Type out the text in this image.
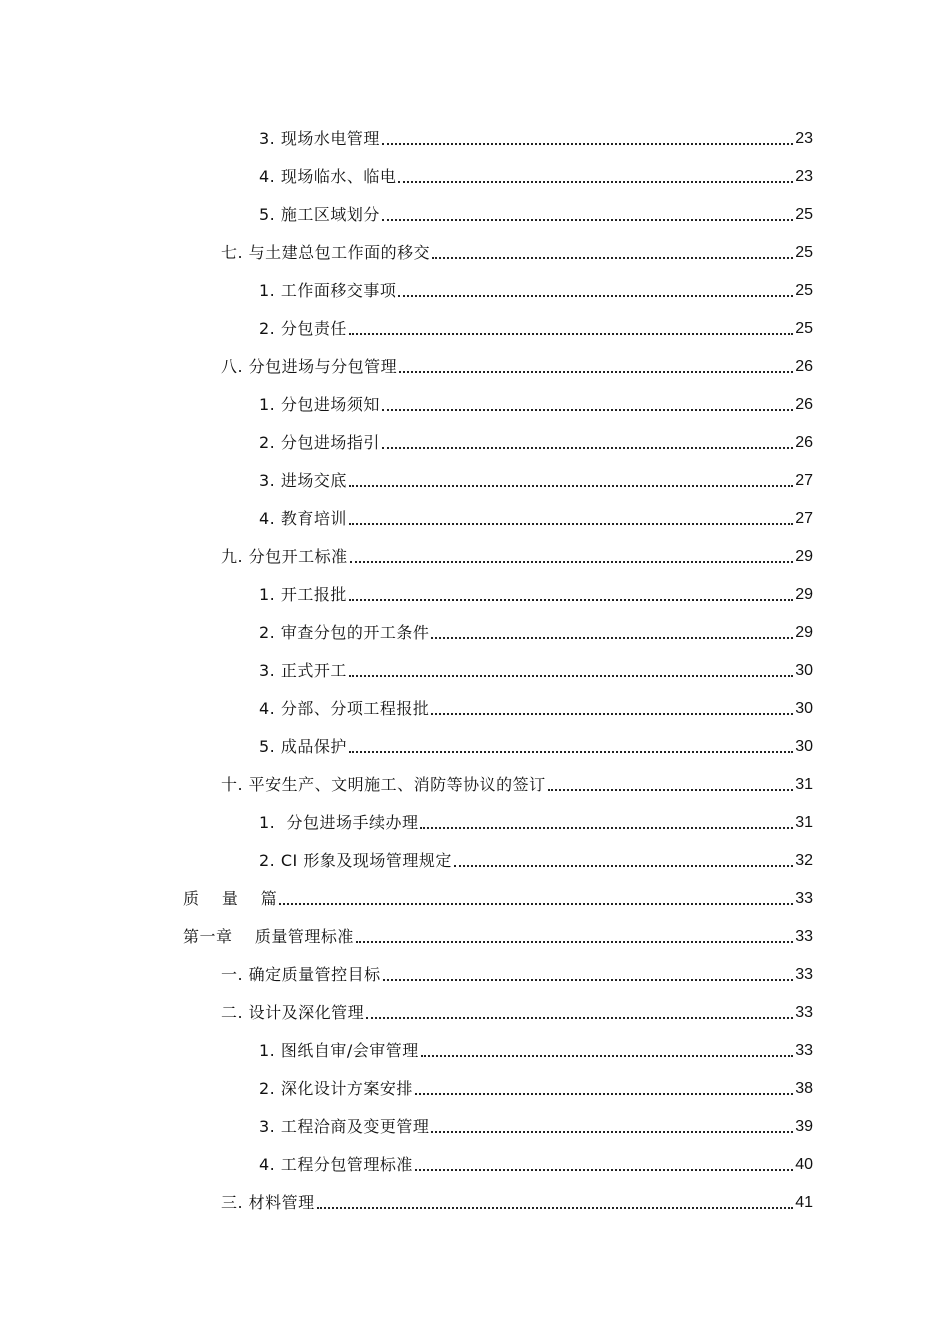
3. 现场水电管理	23
4. 现场临水、临电	23
5. 施工区域划分	25
七. 与土建总包工作面的移交	25
1. 工作面移交事项	25
2. 分包责任	25
八. 分包进场与分包管理	26
1. 分包进场须知	26
2. 分包进场指引	26
3. 进场交底	27
4. 教育培训	27
九. 分包开工标准	29
1. 开工报批	29
2. 审查分包的开工条件	29
3. 正式开工	30
4. 分部、分项工程报批	30
5. 成品保护	30
十. 平安生产、文明施工、消防等协议的签订	31
1.  分包进场手续办理	31
2. CI 形象及现场管理规定	32
质    量    篇	33
第一章    质量管理标准	33
一. 确定质量管控目标	33
二. 设计及深化管理	33
1. 图纸自审/会审管理	33
2. 深化设计方案安排	38
3. 工程洽商及变更管理	39
4. 工程分包管理标准	40
三. 材料管理	41
